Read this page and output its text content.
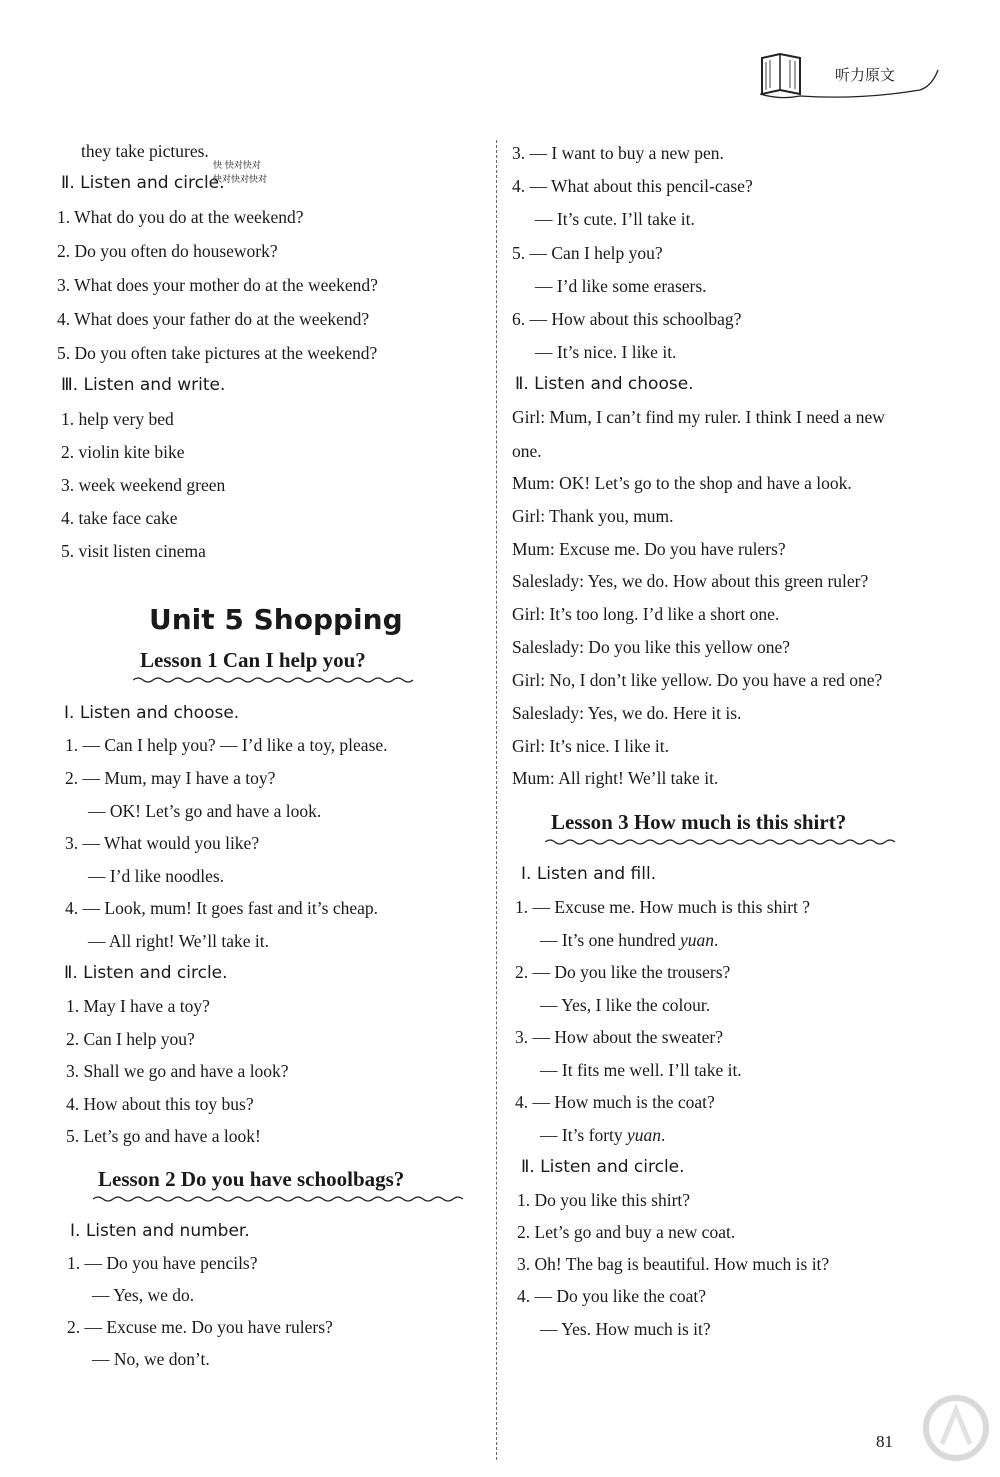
听力原文
they take pictures.
快 快对快对
快对快对快对
Ⅱ. Listen and circle.
1. What do you do at the weekend?
2. Do you often do housework?
3. What does your mother do at the weekend?
4. What does your father do at the weekend?
5. Do you often take pictures at the weekend?
Ⅲ. Listen and write.
1. help very bed
2. violin kite bike
3. week weekend green
4. take face cake
5. visit listen cinema
Unit 5 Shopping
Lesson 1 Can I help you?
Ⅰ. Listen and choose.
1. — Can I help you? — I’d like a toy, please.
2. — Mum, may I have a toy?
— OK! Let’s go and have a look.
3. — What would you like?
— I’d like noodles.
4. — Look, mum! It goes fast and it’s cheap.
— All right! We’ll take it.
Ⅱ. Listen and circle.
1. May I have a toy?
2. Can I help you?
3. Shall we go and have a look?
4. How about this toy bus?
5. Let’s go and have a look!
Lesson 2 Do you have schoolbags?
Ⅰ. Listen and number.
1. — Do you have pencils?
— Yes, we do.
2. — Excuse me. Do you have rulers?
— No, we don’t.
3. — I want to buy a new pen.
4. — What about this pencil-case?
— It’s cute. I’ll take it.
5. — Can I help you?
— I’d like some erasers.
6. — How about this schoolbag?
— It’s nice. I like it.
Ⅱ. Listen and choose.
Girl: Mum, I can’t find my ruler. I think I need a new
one.
Mum: OK! Let’s go to the shop and have a look.
Girl: Thank you, mum.
Mum: Excuse me. Do you have rulers?
Saleslady: Yes, we do. How about this green ruler?
Girl: It’s too long. I’d like a short one.
Saleslady: Do you like this yellow one?
Girl: No, I don’t like yellow. Do you have a red one?
Saleslady: Yes, we do. Here it is.
Girl: It’s nice. I like it.
Mum: All right! We’ll take it.
Lesson 3 How much is this shirt?
Ⅰ. Listen and fill.
1. — Excuse me. How much is this shirt ?
— It’s one hundred yuan.
2. — Do you like the trousers?
— Yes, I like the colour.
3. — How about the sweater?
— It fits me well. I’ll take it.
4. — How much is the coat?
— It’s forty yuan.
Ⅱ. Listen and circle.
1. Do you like this shirt?
2. Let’s go and buy a new coat.
3. Oh! The bag is beautiful. How much is it?
4. — Do you like the coat?
— Yes. How much is it?
81
